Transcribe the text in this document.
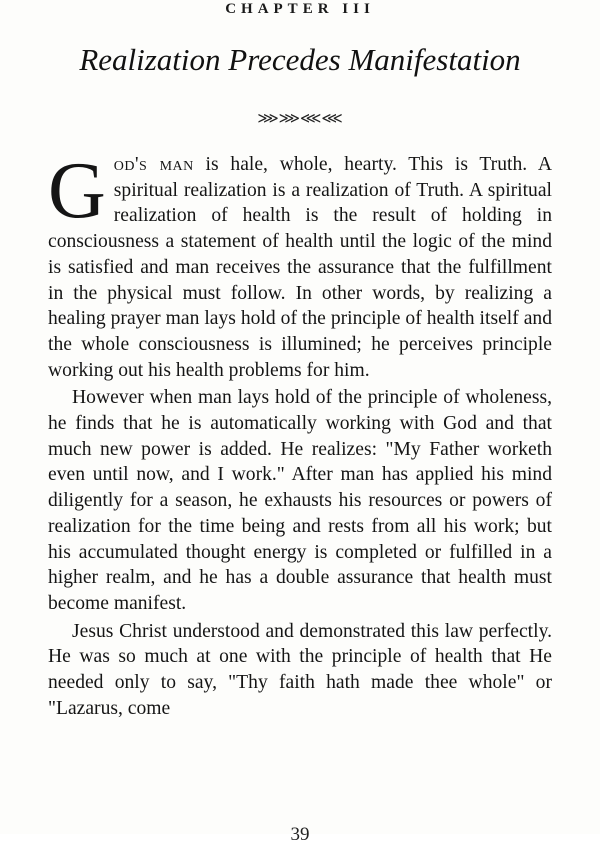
CHAPTER III
Realization Precedes Manifestation
⋙⋙⋘⋘

God's man is hale, whole, hearty. This is Truth. A spiritual realization is a realization of Truth. A spiritual realization of health is the result of holding in consciousness a statement of health until the logic of the mind is satisfied and man receives the assurance that the fulfillment in the physical must follow. In other words, by realizing a healing prayer man lays hold of the principle of health itself and the whole consciousness is illumined; he perceives principle working out his health problems for him.

However when man lays hold of the principle of wholeness, he finds that he is automatically working with God and that much new power is added. He realizes: "My Father worketh even until now, and I work." After man has applied his mind diligently for a season, he exhausts his resources or powers of realization for the time being and rests from all his work; but his accumulated thought energy is completed or fulfilled in a higher realm, and he has a double assurance that health must become manifest.

Jesus Christ understood and demonstrated this law perfectly. He was so much at one with the principle of health that He needed only to say, "Thy faith hath made thee whole" or "Lazarus, come

39
